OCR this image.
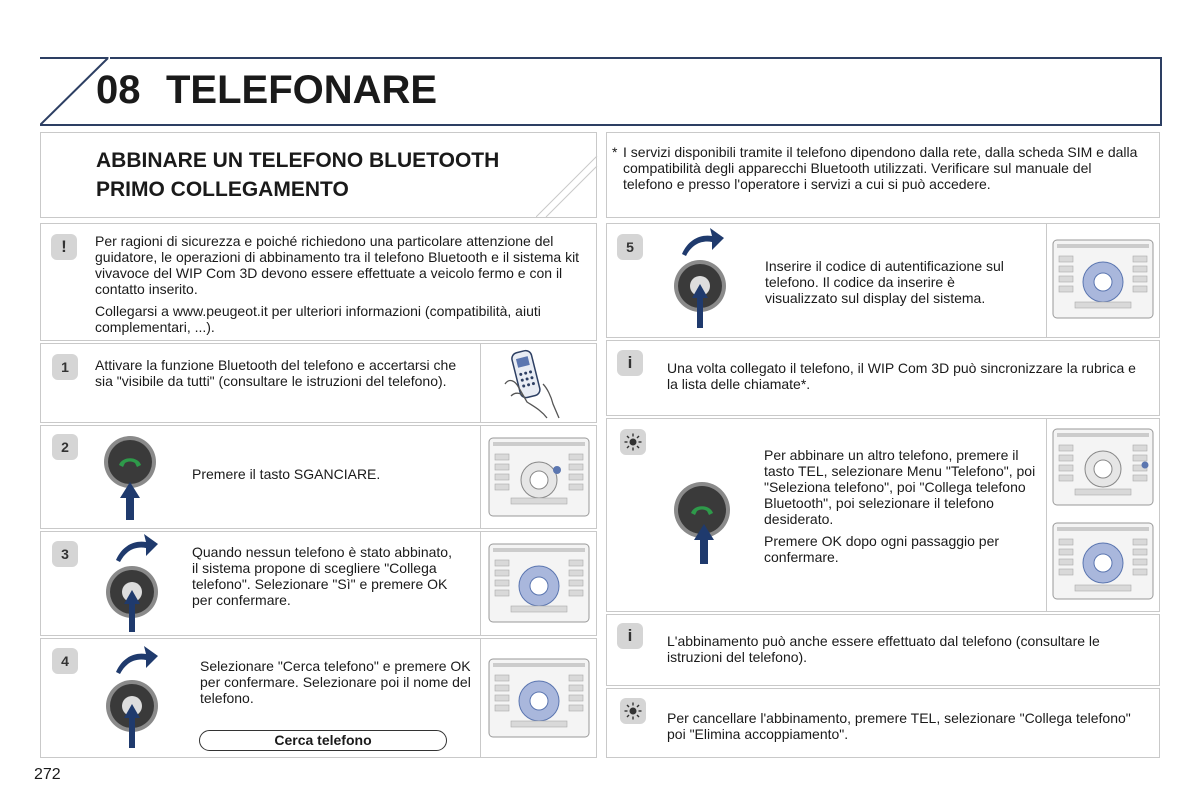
08 TELEFONARE
ABBINARE UN TELEFONO BLUETOOTH
PRIMO COLLEGAMENTO
* I servizi disponibili tramite il telefono dipendono dalla rete, dalla scheda SIM e dalla compatibilità degli apparecchi Bluetooth utilizzati. Verificare sul manuale del telefono e presso l'operatore i servizi a cui si può accedere.
!	Per ragioni di sicurezza e poiché richiedono una particolare attenzione del guidatore, le operazioni di abbinamento tra il telefono Bluetooth e il sistema kit vivavoce del WIP Com 3D devono essere effettuate a veicolo fermo e con il contatto inserito.

Collegarsi a www.peugeot.it per ulteriori informazioni (compatibilità, aiuti complementari, ...).

1	Attivare la funzione Bluetooth del telefono e accertarsi che sia "visibile da tutti" (consultare le istruzioni del telefono).
2
Premere il tasto SGANCIARE.
3	Quando nessun telefono è stato abbinato, il sistema propone di scegliere "Collega telefono". Selezionare "Sì" e premere OK per confermare.
4	Selezionare "Cerca telefono" e premere OK per confermare. Selezionare poi il nome del telefono.
Cerca telefono
5
Inserire il codice di autentificazione sul telefono. Il codice da inserire è visualizzato sul display del sistema.
i	Una volta collegato il telefono, il WIP Com 3D può sincronizzare la rubrica e la lista delle chiamate*.

Per abbinare un altro telefono, premere il tasto TEL, selezionare Menu "Telefono", poi "Seleziona telefono", poi "Collega telefono Bluetooth", poi selezionare il telefono desiderato.

Premere OK dopo ogni passaggio per confermare.

i	L'abbinamento può anche essere effettuato dal telefono (consultare le istruzioni del telefono).
Per cancellare l'abbinamento, premere TEL, selezionare "Collega telefono" poi "Elimina accoppiamento".
272
